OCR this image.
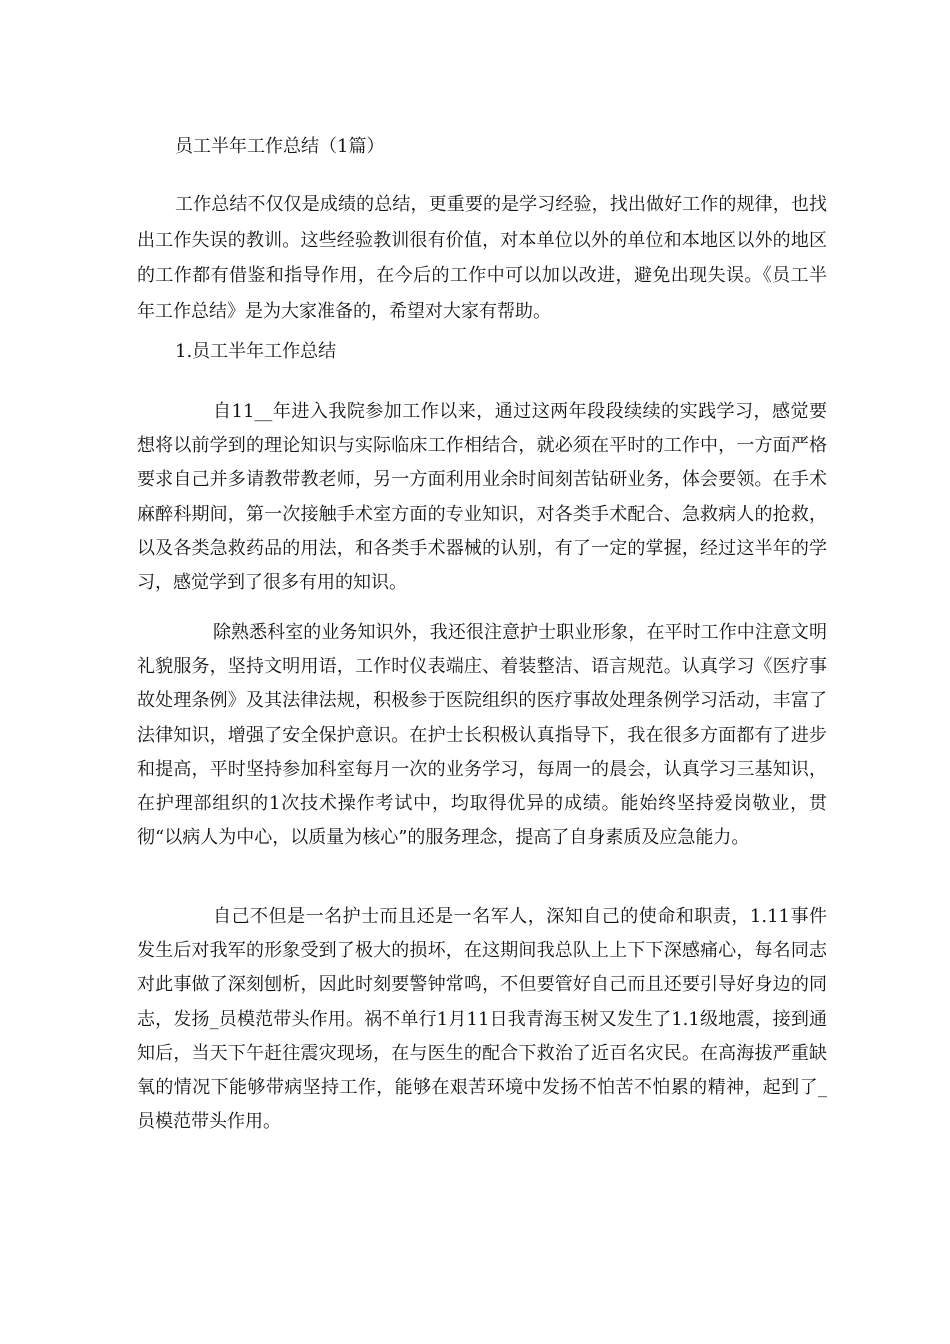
员工半年工作总结（1篇）

工作总结不仅仅是成绩的总结，更重要的是学习经验，找出做好工作的规律，也找出工作失误的教训。这些经验教训很有价值，对本单位以外的单位和本地区以外的地区的工作都有借鉴和指导作用，在今后的工作中可以加以改进，避免出现失误。《员工半年工作总结》是为大家准备的，希望对大家有帮助。

1.员工半年工作总结

自11__年进入我院参加工作以来，通过这两年段段续续的实践学习，感觉要想将以前学到的理论知识与实际临床工作相结合，就必须在平时的工作中，一方面严格要求自己并多请教带教老师，另一方面利用业余时间刻苦钻研业务，体会要领。在手术麻醉科期间，第一次接触手术室方面的专业知识，对各类手术配合、急救病人的抢救，以及各类急救药品的用法，和各类手术器械的认别，有了一定的掌握，经过这半年的学习，感觉学到了很多有用的知识。

除熟悉科室的业务知识外，我还很注意护士职业形象，在平时工作中注意文明礼貌服务，坚持文明用语，工作时仪表端庄、着装整洁、语言规范。认真学习《医疗事故处理条例》及其法律法规，积极参于医院组织的医疗事故处理条例学习活动，丰富了法律知识，增强了安全保护意识。在护士长积极认真指导下，我在很多方面都有了进步和提高，平时坚持参加科室每月一次的业务学习，每周一的晨会，认真学习三基知识，在护理部组织的1次技术操作考试中，均取得优异的成绩。能始终坚持爱岗敬业，贯彻“以病人为中心，以质量为核心”的服务理念，提高了自身素质及应急能力。

自己不但是一名护士而且还是一名军人，深知自己的使命和职责，1.11事件发生后对我军的形象受到了极大的损坏，在这期间我总队上上下下深感痛心，每名同志对此事做了深刻刨析，因此时刻要警钟常鸣，不但要管好自己而且还要引导好身边的同志，发扬_员模范带头作用。祸不单行1月11日我青海玉树又发生了1.1级地震，接到通知后，当天下午赶往震灾现场，在与医生的配合下救治了近百名灾民。在高海拔严重缺氧的情况下能够带病坚持工作，能够在艰苦环境中发扬不怕苦不怕累的精神，起到了_员模范带头作用。
